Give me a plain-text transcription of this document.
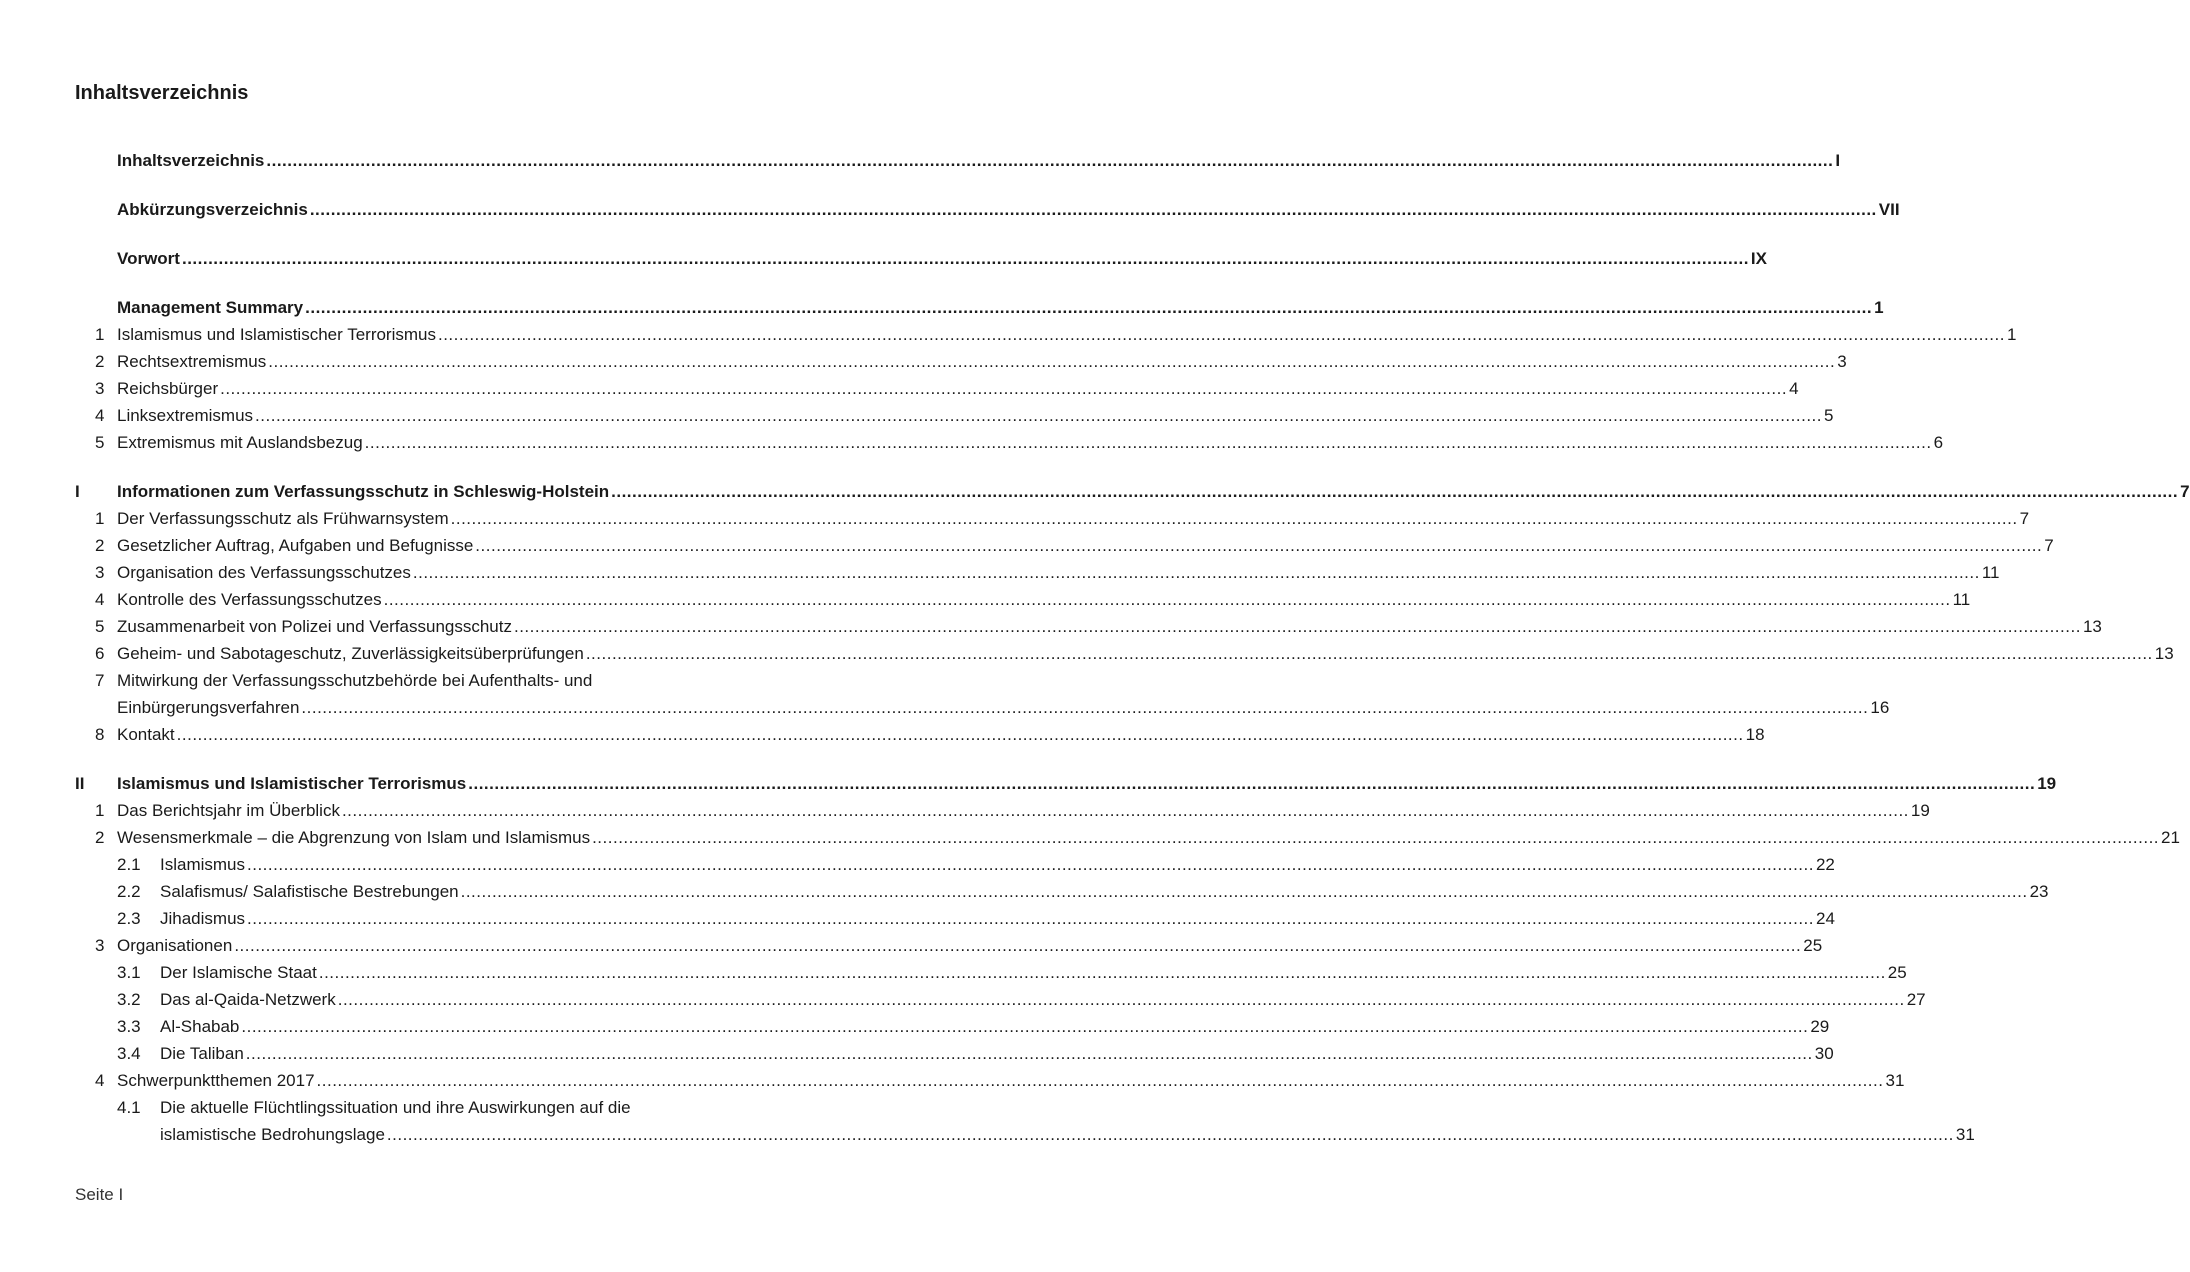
Inhaltsverzeichnis
Inhaltsverzeichnis ............................................................................................................................................................................................................................................................................................................ I
Abkürzungsverzeichnis ............................................................................................................................................................................................................................................................................................................ VII
Vorwort ............................................................................................................................................................................................................................................................................................................ IX
Management Summary ............................................................................................................................................................................................................................................................................................................ 1
1 Islamismus und Islamistischer Terrorismus ............................................................................................................................................................................................................................................................................................................ 1
2 Rechtsextremismus ............................................................................................................................................................................................................................................................................................................ 3
3 Reichsbürger ............................................................................................................................................................................................................................................................................................................ 4
4 Linksextremismus ............................................................................................................................................................................................................................................................................................................ 5
5 Extremismus mit Auslandsbezug ............................................................................................................................................................................................................................................................................................................ 6
I Informationen zum Verfassungsschutz in Schleswig-Holstein ............................................................................................................................................................................................................................................................................................................ 7
1 Der Verfassungsschutz als Frühwarnsystem ............................................................................................................................................................................................................................................................................................................ 7
2 Gesetzlicher Auftrag, Aufgaben und Befugnisse ............................................................................................................................................................................................................................................................................................................ 7
3 Organisation des Verfassungsschutzes ............................................................................................................................................................................................................................................................................................................ 11
4 Kontrolle des Verfassungsschutzes ............................................................................................................................................................................................................................................................................................................ 11
5 Zusammenarbeit von Polizei und Verfassungsschutz ............................................................................................................................................................................................................................................................................................................ 13
6 Geheim- und Sabotageschutz, Zuverlässigkeitsüberprüfungen ............................................................................................................................................................................................................................................................................................................ 13
7 Mitwirkung der Verfassungsschutzbehörde bei Aufenthalts- und
Einbürgerungsverfahren ............................................................................................................................................................................................................................................................................................................ 16
8 Kontakt ............................................................................................................................................................................................................................................................................................................ 18
II Islamismus und Islamistischer Terrorismus ............................................................................................................................................................................................................................................................................................................ 19
1 Das Berichtsjahr im Überblick ............................................................................................................................................................................................................................................................................................................ 19
2 Wesensmerkmale – die Abgrenzung von Islam und Islamismus ............................................................................................................................................................................................................................................................................................................ 21
2.1 Islamismus ............................................................................................................................................................................................................................................................................................................ 22
2.2 Salafismus/ Salafistische Bestrebungen ............................................................................................................................................................................................................................................................................................................ 23
2.3 Jihadismus ............................................................................................................................................................................................................................................................................................................ 24
3 Organisationen ............................................................................................................................................................................................................................................................................................................ 25
3.1 Der Islamische Staat ............................................................................................................................................................................................................................................................................................................ 25
3.2 Das al-Qaida-Netzwerk ............................................................................................................................................................................................................................................................................................................ 27
3.3 Al-Shabab ............................................................................................................................................................................................................................................................................................................ 29
3.4 Die Taliban ............................................................................................................................................................................................................................................................................................................ 30
4 Schwerpunktthemen 2017 ............................................................................................................................................................................................................................................................................................................ 31
4.1 Die aktuelle Flüchtlingssituation und ihre Auswirkungen auf die
islamistische Bedrohungslage ............................................................................................................................................................................................................................................................................................................ 31
Seite I
